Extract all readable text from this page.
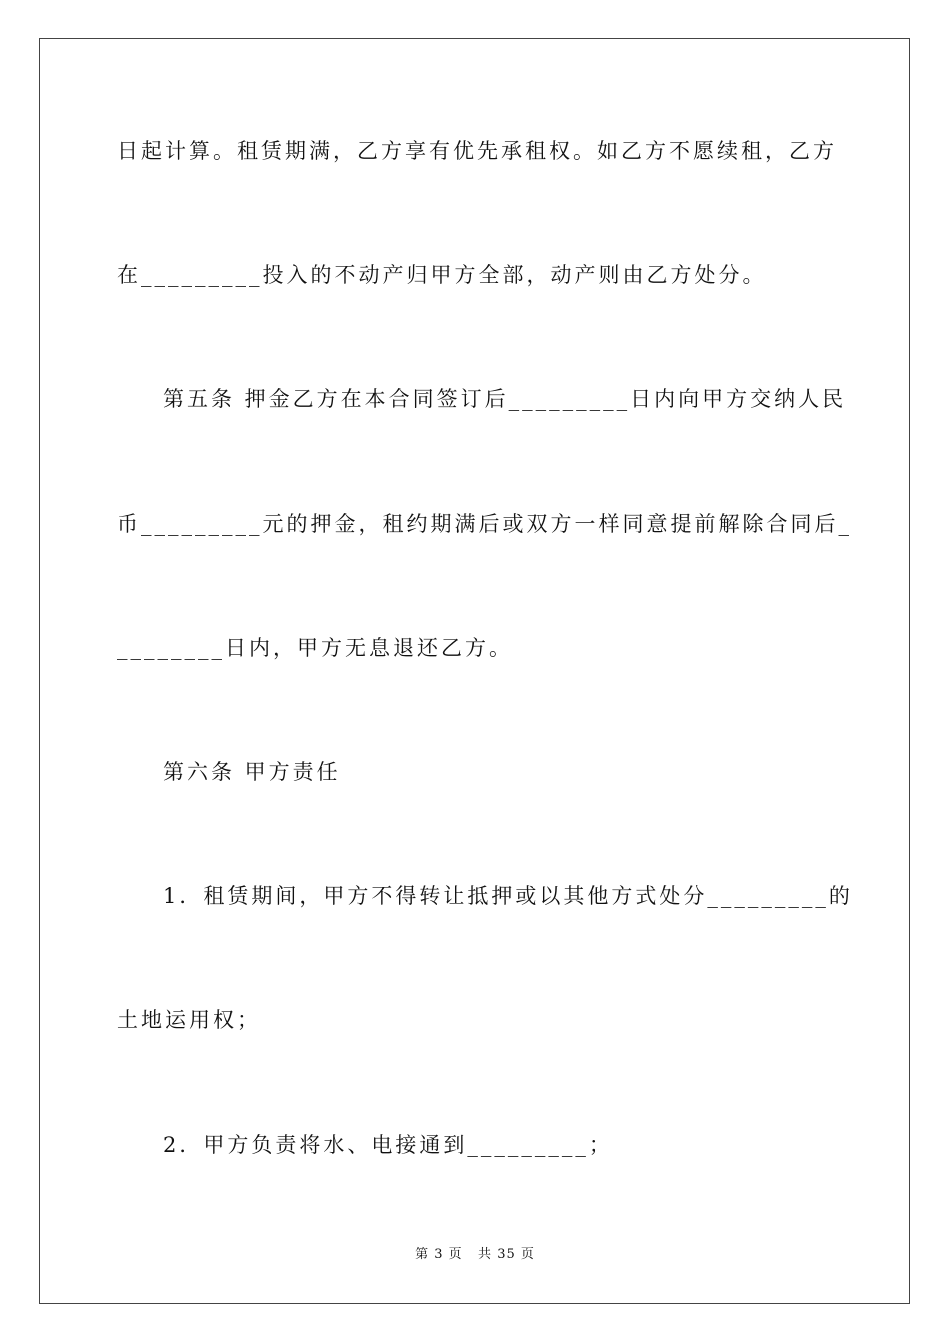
日起计算。租赁期满，乙方享有优先承租权。如乙方不愿续租，乙方
在_________投入的不动产归甲方全部，动产则由乙方处分。
第五条 押金乙方在本合同签订后_________日内向甲方交纳人民
币_________元的押金，租约期满后或双方一样同意提前解除合同后_
________日内，甲方无息退还乙方。
第六条 甲方责任
1．租赁期间，甲方不得转让抵押或以其他方式处分_________的
土地运用权；
2．甲方负责将水、电接通到_________；
第 3 页   共 35 页
